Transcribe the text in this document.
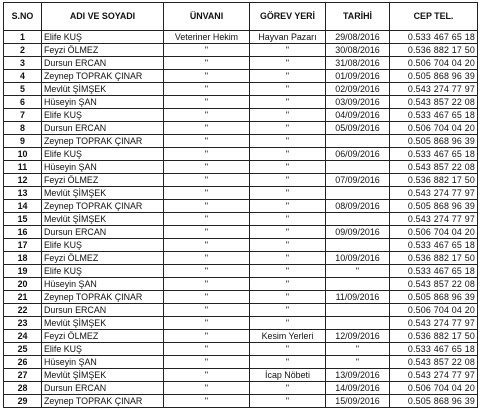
S.NO	ADI VE SOYADI	ÜNVANI	GÖREV YERİ	TARİHİ	CEP TEL.
1	Elife KUŞ	Veteriner Hekim	Hayvan Pazarı	29/08/2016	0.533 467 65 18
2	Feyzi ÖLMEZ	"	"	30/08/2016	0.536 882 17 50
3	Dursun ERCAN	"	"	31/08/2016	0.506 704 04 20
4	Zeynep TOPRAK ÇINAR	"	"	01/09/2016	0.505 868 96 39
5	Mevlüt ŞİMŞEK	"	"	02/09/2016	0.543 274 77 97
6	Hüseyin ŞAN	"	"	03/09/2016	0.543 857 22 08
7	Elife KUŞ	"	"	04/09/2016	0.533 467 65 18
8	Dursun ERCAN	"	"	05/09/2016	0.506 704 04 20
9	Zeynep TOPRAK ÇINAR	"	"		0.505 868 96 39
10	Elife KUŞ	"	"	06/09/2016	0.533 467 65 18
11	Hüseyin ŞAN	"	"		0.543 857 22 08
12	Feyzi ÖLMEZ	"	"	07/09/2016	0.536 882 17 50
13	Mevlüt ŞİMŞEK	"	"		0.543 274 77 97
14	Zeynep TOPRAK ÇINAR	"	"	08/09/2016	0.505 868 96 39
15	Mevlüt ŞİMŞEK	"	"		0.543 274 77 97
16	Dursun ERCAN	"	"	09/09/2016	0.506 704 04 20
17	Elife KUŞ	"	"		0.533 467 65 18
18	Feyzi ÖLMEZ	"	"	10/09/2016	0.536 882 17 50
19	Elife KUŞ	"	"	"	0.533 467 65 18
20	Hüseyin ŞAN	"	"		0.543 857 22 08
21	Zeynep TOPRAK ÇINAR	"	"	11/09/2016	0.505 868 96 39
22	Dursun ERCAN	"	"		0.506 704 04 20
23	Mevlüt ŞİMŞEK	"	"		0.543 274 77 97
24	Feyzi ÖLMEZ	"	Kesim Yerleri	12/09/2016	0.536 882 17 50
25	Elife KUŞ	"	"	"	0.533 467 65 18
26	Hüseyin ŞAN	"	"	"	0.543 857 22 08
27	Mevlüt ŞİMŞEK	"	İcap Nöbeti	13/09/2016	0.543 274 77 97
28	Dursun ERCAN	"	"	14/09/2016	0.506 704 04 20
29	Zeynep TOPRAK ÇINAR	"	"	15/09/2016	0.505 868 96 39
